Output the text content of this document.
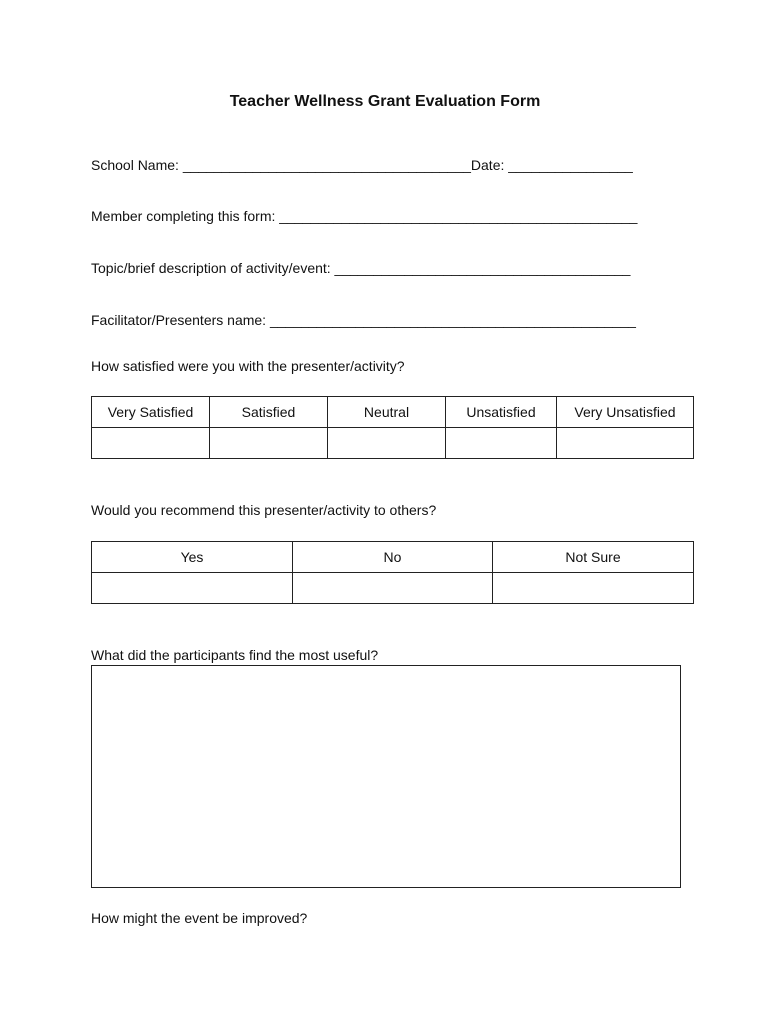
Teacher Wellness Grant Evaluation Form
School Name: _____________________________________Date: ________________
Member completing this form: ______________________________________________
Topic/brief description of activity/event: ______________________________________
Facilitator/Presenters name: _______________________________________________
How satisfied were you with the presenter/activity?
Very Satisfied	Satisfied	Neutral	Unsatisfied	Very Unsatisfied

Would you recommend this presenter/activity to others?
Yes	No	Not Sure

What did the participants find the most useful?
How might the event be improved?
